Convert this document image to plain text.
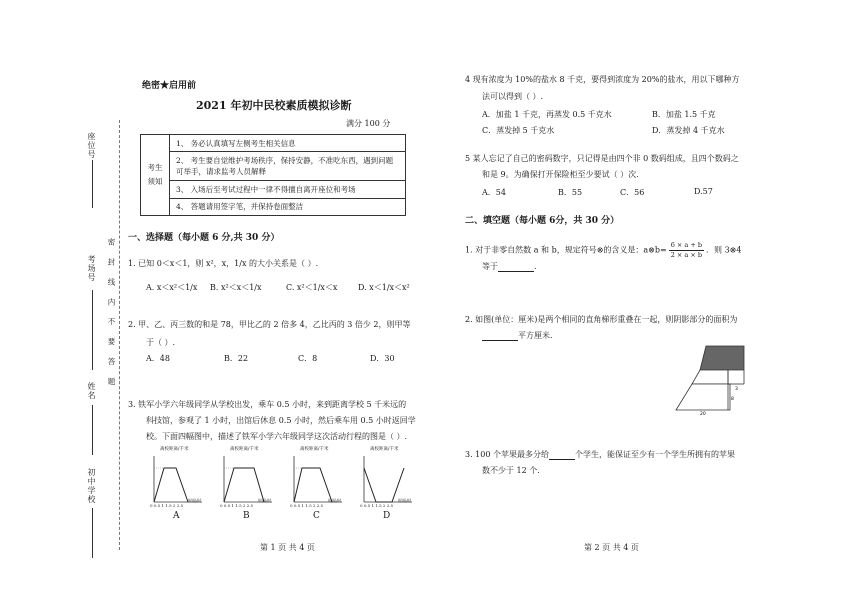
座位号
考场号
姓名
初中学校
密 封 线 内 不 要 答 题
绝密★启用前
2021 年初中民校素质模拟诊断
满分 100 分
考生须知	1、 务必认真填写左侧考生相关信息
2、 考生要自觉维护考场秩序，保持安静，不准吃东西，遇到问题可举手，请求监考人员解释
3、 入场后至考试过程中一律不得擅自离开座位和考场
4、 答题请用签字笔，并保持卷面整洁
一、选择题（每小题 6 分,共 30 分）
1. 已知 0＜x＜1，则 x²，x，1/x 的大小关系是（ ）.
A. x＜x²＜1/x B. x²＜x＜1/x	C. x²＜1/x＜x	D. x＜1/x＜x²
2. 甲、乙、丙三数的和是 78，甲比乙的 2 倍多 4，乙比丙的 3 倍少 2，则甲等
于（ ）.
A．48	B．22	C．8	D．30
3. 铁军小学六年级同学从学校出发，乘车 0.5 小时，来到距离学校 5 千米远的
科技馆，参观了 1 小时，出馆后休息 0.5 小时，然后乘车用 0.5 小时返回学
校。下面四幅图中，描述了铁军小学六年级同学这次活动行程的图是（ ）.
离校距离/千米	离校距离/千米	离校距离/千米	离校距离/千米
0 0.5 1 1.5 2 2.5	0 0.5 1 1.5 2 2.5	0 0.5 1 1.5 2 2.5	0 0.5 1 1.5 2 2.5
时间/时	时间/时	时间/时	时间/时
A	B	C	D
第 1 页 共 4 页
4 现有浓度为 10%的盐水 8 千克，要得到浓度为 20%的盐水，用以下哪种方
法可以得到（ ）.
A．加盐 1 千克，再蒸发 0.5 千克水	B．加盐 1.5 千克
C．蒸发掉 5 千克水	D．蒸发掉 4 千克水
5 某人忘记了自己的密码数字，只记得是由四个非 0 数码组成，且四个数码之
和是 9。为确保打开保险柜至少要试（ ）次.
A．54	B．55	C．56	D.57
二、填空题（每小题 6分，共 30 分）
1. 对于非零自然数 a 和 b，规定符号⊗的含义是：a⊗b= $\frac{6 \times a + b}{2 \times a \times b}$ ．则 3⊗4
等于	.
2. 如图(单位：厘米)是两个相同的直角梯形重叠在一起，则阴影部分的面积为
平方厘米.
3
8
20
3. 100 个苹果最多分给	个学生，能保证至少有一个学生所拥有的苹果
数不少于 12 个.
第 2 页 共 4 页
